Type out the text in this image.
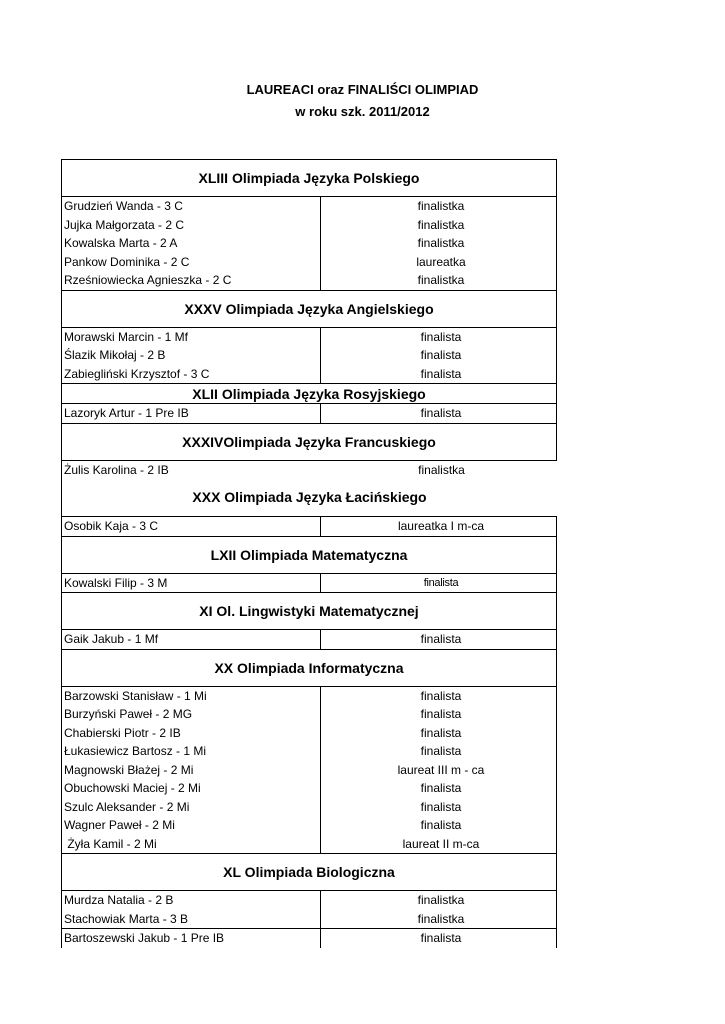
LAUREACI oraz FINALIŚCI OLIMPIAD
w roku szk. 2011/2012
XLIII Olimpiada Języka Polskiego
Grudzień Wanda - 3 C	finalistka
Jujka Małgorzata - 2 C	finalistka
Kowalska Marta - 2 A	finalistka
Pankow Dominika - 2 C	laureatka
Rześniowiecka Agnieszka - 2 C	finalistka
XXXV Olimpiada Języka Angielskiego
Morawski Marcin - 1 Mf	finalista
Ślazik Mikołaj - 2 B	finalista
Zabiegliński Krzysztof - 3 C	finalista
XLII Olimpiada Języka Rosyjskiego
Lazoryk Artur - 1 Pre IB	finalista
XXXIVOlimpiada Języka Francuskiego
Żulis Karolina - 2 IB	finalistka
XXX Olimpiada Języka Łacińskiego
Osobik Kaja - 3 C	laureatka I m-ca
LXII Olimpiada Matematyczna
Kowalski Filip - 3 M	finalista
XI Ol. Lingwistyki Matematycznej
Gaik Jakub - 1 Mf	finalista
XX Olimpiada Informatyczna
Barzowski Stanisław - 1 Mi	finalista
Burzyński Paweł - 2 MG	finalista
Chabierski Piotr - 2 IB	finalista
Łukasiewicz Bartosz - 1 Mi	finalista
Magnowski Błażej - 2 Mi	laureat III m - ca
Obuchowski Maciej - 2 Mi	finalista
Szulc Aleksander - 2 Mi	finalista
Wagner Paweł - 2 Mi	finalista
Żyła Kamil - 2 Mi	laureat II m-ca
XL Olimpiada Biologiczna
Murdza Natalia - 2 B	finalistka
Stachowiak Marta - 3 B	finalistka
Bartoszewski Jakub - 1 Pre IB	finalista
